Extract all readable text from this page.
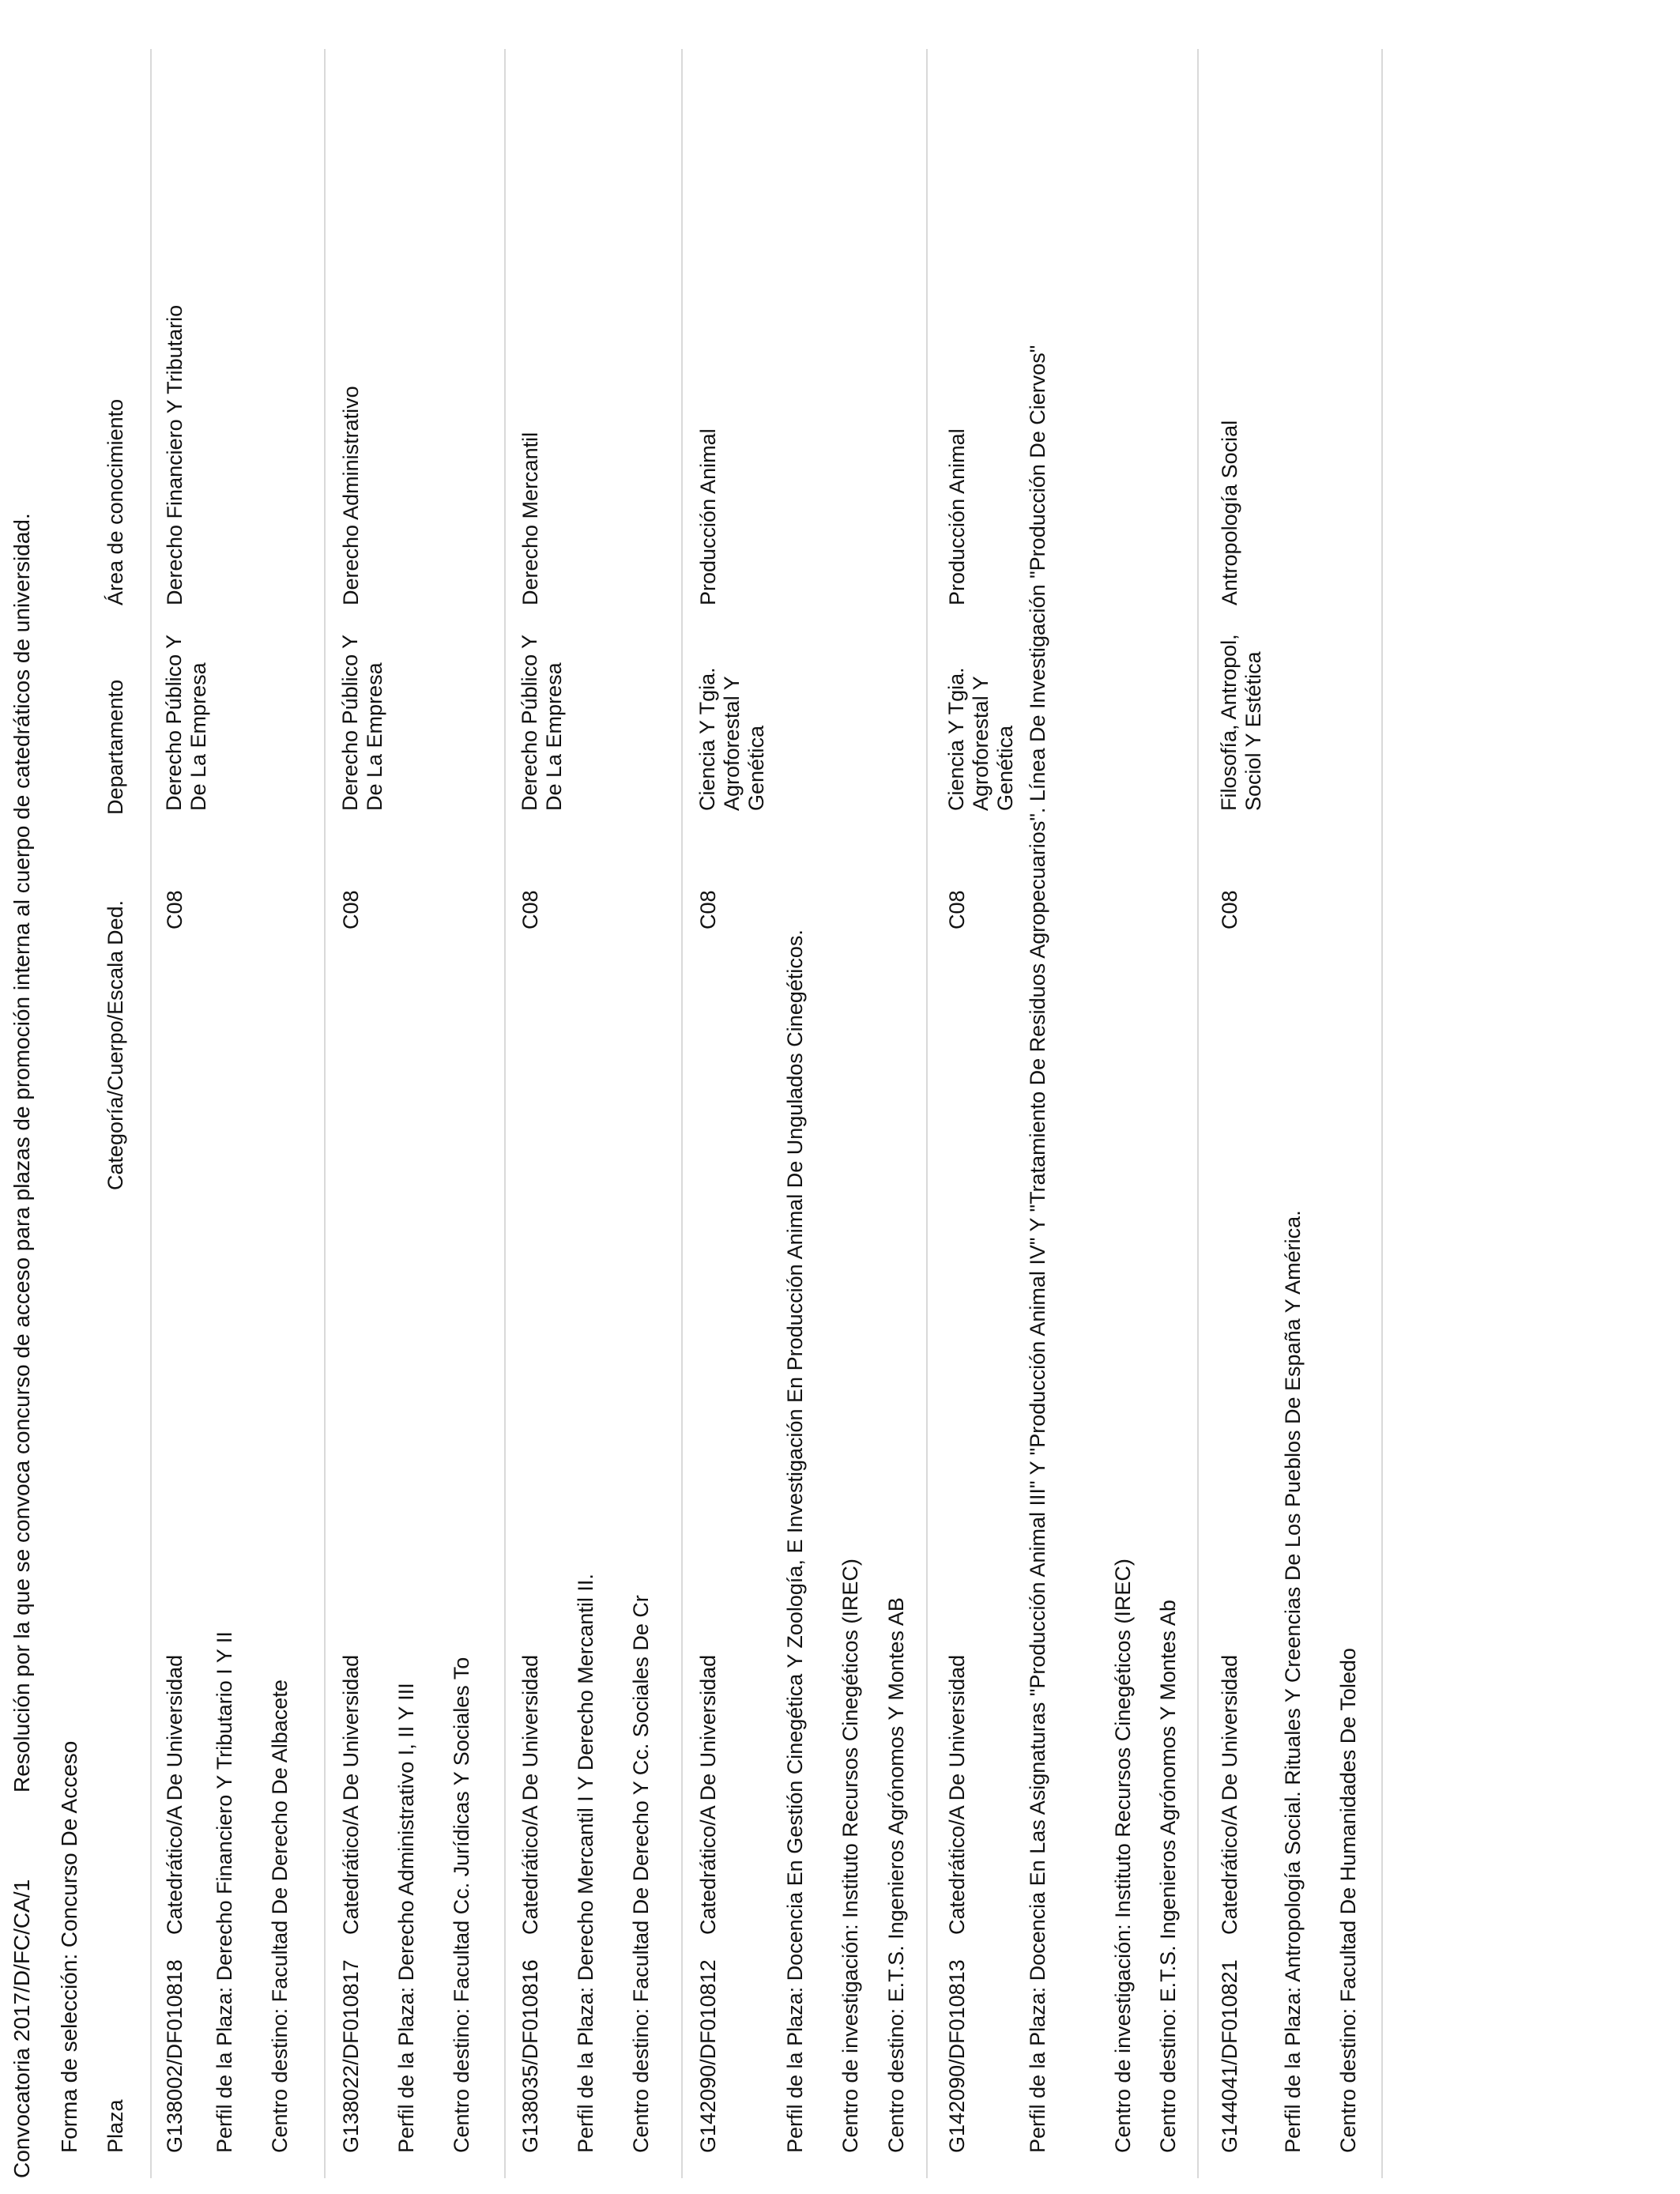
Convocatoria 2017/D/FC/CA/1
Resolución por la que se convoca concurso de acceso para plazas de promoción interna al cuerpo de catedráticos de universidad.
Forma de selección: Concurso De Acceso Plaza
Categoría/Cuerpo/Escala
Ded.
Departamento
Área de conocimiento
G138002/DF010818
Catedrático/A De Universidad
C08
Derecho Público Y De La Empresa
Derecho Financiero Y Tributario
Perfil de la Plaza: Derecho Financiero Y Tributario I Y II Centro destino: Facultad De Derecho De Albacete G138022/DF010817
Catedrático/A De Universidad
C08
Derecho Público Y De La Empresa
Derecho Administrativo
Perfil de la Plaza: Derecho Administrativo I, II Y III Centro destino: Facultad Cc. Jurídicas Y Sociales To G138035/DF010816
Catedrático/A De Universidad
C08
Derecho Público Y De La Empresa
Derecho Mercantil
Perfil de la Plaza: Derecho Mercantil I Y Derecho Mercantil II. Centro destino: Facultad De Derecho Y Cc. Sociales De Cr G142090/DF010812
Catedrático/A De Universidad
C08
Ciencia Y Tgia. Agroforestal Y Genética
Producción Animal
Perfil de la Plaza: Docencia En Gestión Cinegética Y Zoología, E Investigación En Producción Animal De Ungulados Cinegéticos. Centro de investigación: Instituto Recursos Cinegéticos (IREC) Centro destino: E.T.S. Ingenieros Agrónomos Y Montes AB G142090/DF010813
Catedrático/A De Universidad
C08
Ciencia Y Tgia. Agroforestal Y Genética
Producción Animal	Perfil de la Plaza: Docencia En Las Asignaturas "Producción Animal III" Y "Producción Animal IV" Y "Tratamiento De Residuos Agropecuarios". Línea De Investigación "Producción De Ciervos"	Centro de investigación: Instituto Recursos Cinegéticos (IREC) Centro destino: E.T.S. Ingenieros Agrónomos Y Montes Ab G144041/DF010821
Catedrático/A De Universidad
C08
Filosofía, Antropol, Sociol Y Estética
Antropología Social
Perfil de la Plaza: Antropología Social. Rituales Y Creencias De Los Pueblos De España Y América. Centro destino: Facultad De Humanidades De Toledo
